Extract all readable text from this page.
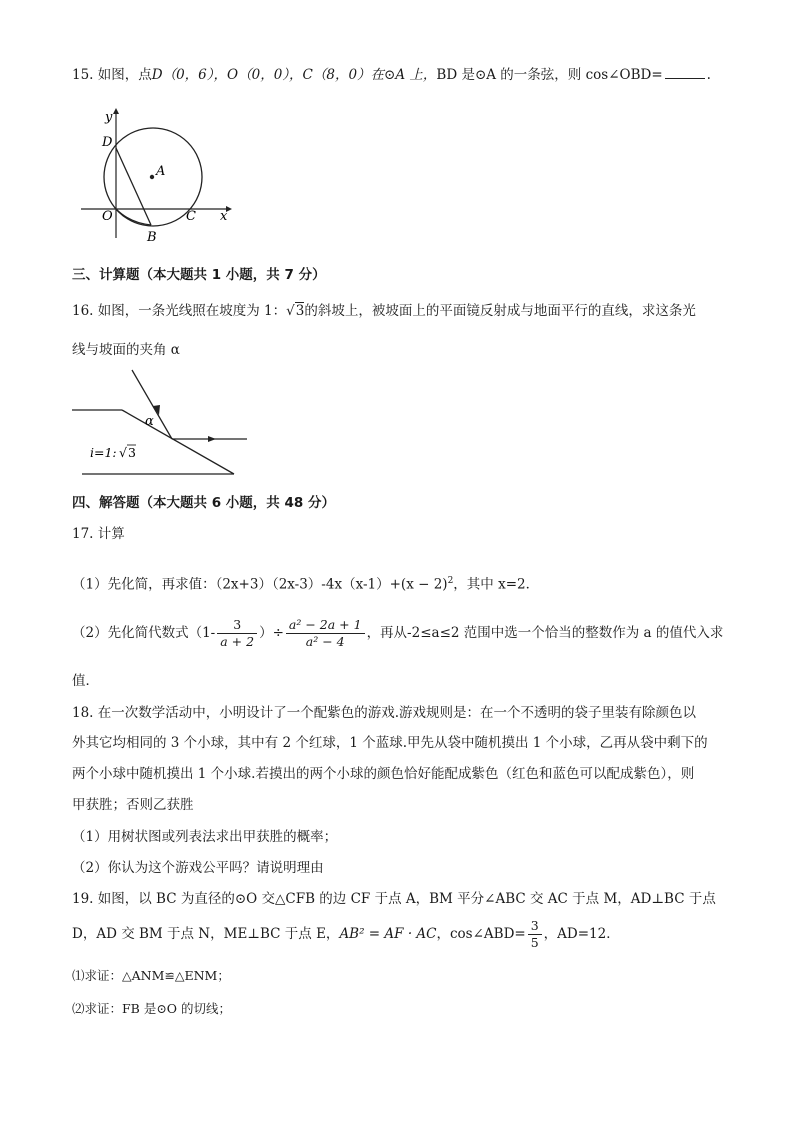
15. 如图，点D（0，6），O（0，0），C（8，0）在⊙A 上，BD 是⊙A 的一条弦，则 cos∠OBD=	.
y
x
D
A
O	C
B
三、计算题（本大题共 1 小题，共 7 分）
16. 如图，一条光线照在坡度为 1：√3的斜坡上，被坡面上的平面镜反射成与地面平行的直线，求这条光
线与坡面的夹角 α
α
i=1: √ 3
四、解答题（本大题共 6 小题，共 48 分）
17. 计算
（1）先化简，再求值：$(2x+3)(2x-3)-4x(x-1)+(x - 2)^2$，其中 x=2．
（2）先化简代数式（$1- \frac{3}{a + 2}$ ）÷ $\frac{\text{a² − 2a + 1}}{\text{a² − 4}}$ ，再从-2≤a≤2 范围中选一个恰当的整数作为 a 的值代入求
值．
18. 在一次数学活动中，小明设计了一个配紫色的游戏.游戏规则是：在一个不透明的袋子里装有除颜色以
外其它均相同的 3 个小球，其中有 2 个红球，1 个蓝球.甲先从袋中随机摸出 1 个小球，乙再从袋中剩下的
两个小球中随机摸出 1 个小球.若摸出的两个小球的颜色恰好能配成紫色（红色和蓝色可以配成紫色），则
甲获胜；否则乙获胜
（1）用树状图或列表法求出甲获胜的概率；
（2）你认为这个游戏公平吗？请说明理由
19. 如图，以 BC 为直径的⊙O 交△CFB 的边 CF 于点 A，BM 平分∠ABC 交 AC 于点 M，AD⊥BC 于点
D，AD 交 BM 于点 N，ME⊥BC 于点 E，AB² = AF · AC，cos∠ABD= $\frac{3}{5}$ ，AD=12．
⑴求证：△ANM≌△ENM；
⑵求证：FB 是⊙O 的切线；
